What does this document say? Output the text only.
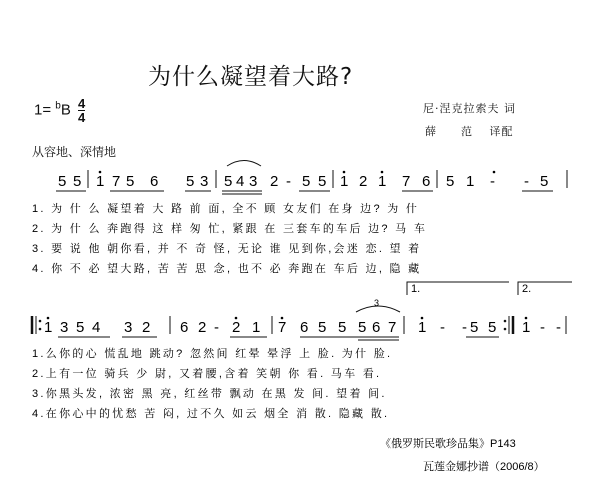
为什么凝望着大路?
$1= ^bB \frac{4}{4}$	尼·涅克拉索夫 词
薛　　范　 译配
从容地、深情地
5 5 1 7 5 6 5 3 5 4 3 2 - 5 5 1 2 1 7 6 5 1 - - 5
1. 为 什 么 凝望着 大 路 前 面, 全不 顾 女友们 在身 边? 为 什
2. 为 什 么 奔跑得 这 样 匆 忙, 紧跟 在 三套车的车后 边? 马 车
3. 要 说 他 朝你看, 并 不 奇 怪, 无论 谁 见到你,会迷 恋. 望 着
4. 你 不 必 望大路, 苦 苦 思 念, 也不 必 奔跑在 车后 边, 隐 藏
1.	2.
1 3 5 4 3 2 6 2 - 2 1 7 6 5 5 5 6 7 1 - - 5 5 1 - -
3
1.么你的心 慌乱地 跳动? 忽然间 红晕 晕浮 上 脸. 为什 脸.
2.上有一位 骑兵 少 尉, 又着腰,含着 笑朝 你 看. 马车 看.
3.你黑头发, 浓密 黑 亮, 红丝带 飘动 在黑 发 间. 望着 间.
4.在你心中的忧愁 苦 闷, 过不久 如云 烟全 消 散. 隐藏 散.
《俄罗斯民歌珍品集》P143
瓦莲金娜抄谱（2006/8）
